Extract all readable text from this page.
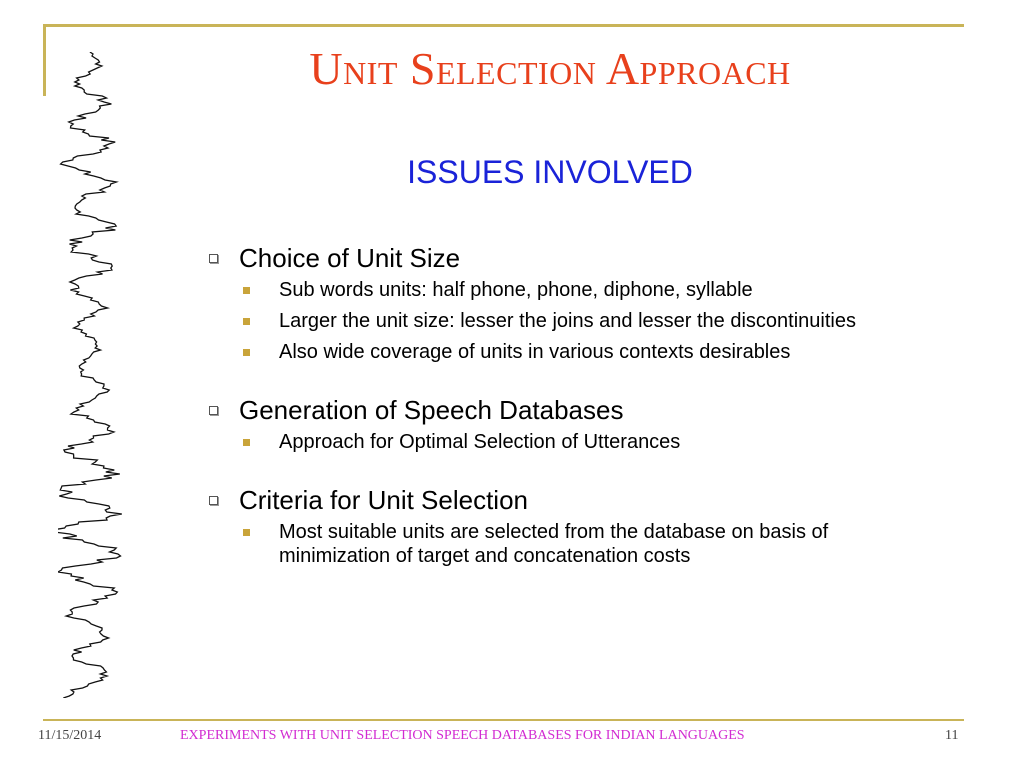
Unit Selection Approach
ISSUES INVOLVED
Choice of Unit Size
Sub words units: half phone, phone, diphone, syllable
Larger the unit size: lesser the joins and lesser the discontinuities
Also wide coverage of units in various contexts desirables
Generation of Speech Databases
Approach for Optimal Selection of Utterances
Criteria for Unit Selection
Most suitable units are selected from the database on basis of minimization of target and concatenation costs
11/15/2014	EXPERIMENTS WITH UNIT SELECTION SPEECH DATABASES FOR INDIAN LANGUAGES	11
